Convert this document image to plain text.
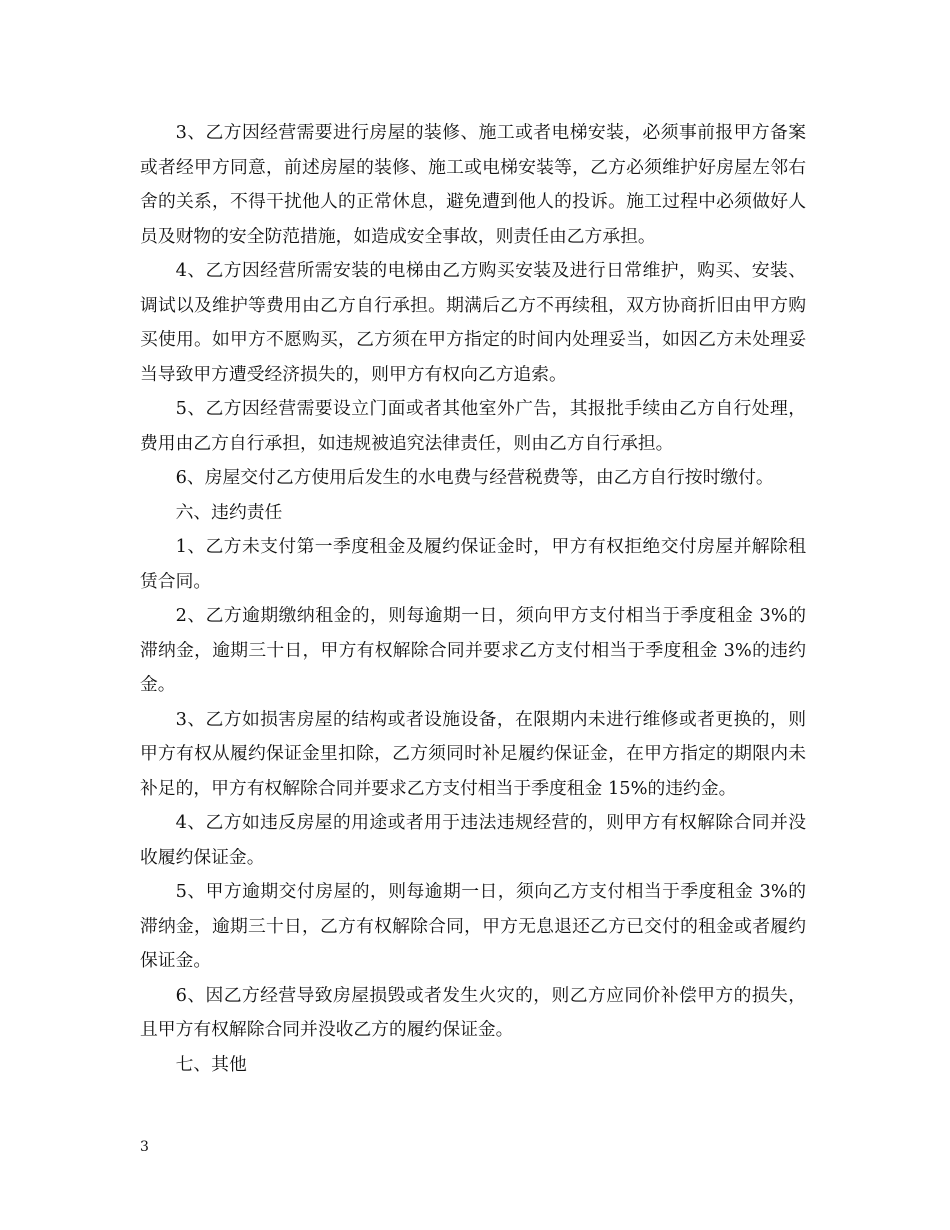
3、乙方因经营需要进行房屋的装修、施工或者电梯安装，必须事前报甲方备案或者经甲方同意，前述房屋的装修、施工或电梯安装等，乙方必须维护好房屋左邻右舍的关系，不得干扰他人的正常休息，避免遭到他人的投诉。施工过程中必须做好人员及财物的安全防范措施，如造成安全事故，则责任由乙方承担。

4、乙方因经营所需安装的电梯由乙方购买安装及进行日常维护，购买、安装、调试以及维护等费用由乙方自行承担。期满后乙方不再续租，双方协商折旧由甲方购买使用。如甲方不愿购买，乙方须在甲方指定的时间内处理妥当，如因乙方未处理妥当导致甲方遭受经济损失的，则甲方有权向乙方追索。

5、乙方因经营需要设立门面或者其他室外广告，其报批手续由乙方自行处理，费用由乙方自行承担，如违规被追究法律责任，则由乙方自行承担。

6、房屋交付乙方使用后发生的水电费与经营税费等，由乙方自行按时缴付。

六、违约责任

1、乙方未支付第一季度租金及履约保证金时，甲方有权拒绝交付房屋并解除租赁合同。

2、乙方逾期缴纳租金的，则每逾期一日，须向甲方支付相当于季度租金 3%的滞纳金，逾期三十日，甲方有权解除合同并要求乙方支付相当于季度租金 3%的违约金。

3、乙方如损害房屋的结构或者设施设备，在限期内未进行维修或者更换的，则甲方有权从履约保证金里扣除，乙方须同时补足履约保证金，在甲方指定的期限内未补足的，甲方有权解除合同并要求乙方支付相当于季度租金 15%的违约金。

4、乙方如违反房屋的用途或者用于违法违规经营的，则甲方有权解除合同并没收履约保证金。

5、甲方逾期交付房屋的，则每逾期一日，须向乙方支付相当于季度租金 3%的滞纳金，逾期三十日，乙方有权解除合同，甲方无息退还乙方已交付的租金或者履约保证金。

6、因乙方经营导致房屋损毁或者发生火灾的，则乙方应同价补偿甲方的损失，且甲方有权解除合同并没收乙方的履约保证金。

七、其他

3
